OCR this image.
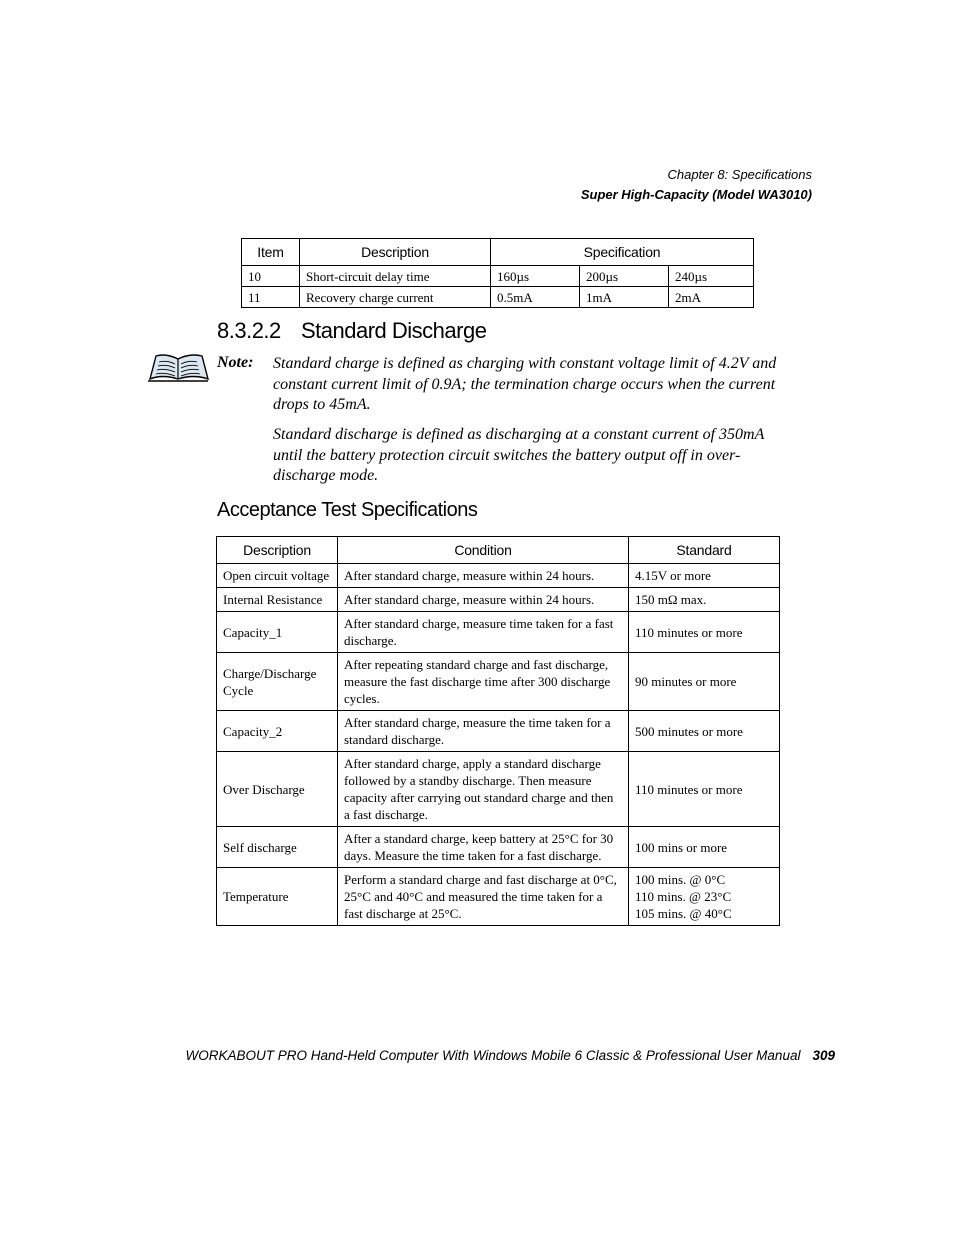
Chapter 8: Specifications
Super High-Capacity (Model WA3010)
Item	Description	Specification		
10	Short-circuit delay time	160µs	200µs	240µs
11	Recovery charge current	0.5mA	1mA	2mA
8.3.2.2 Standard Discharge
Note: Standard charge is defined as charging with constant voltage limit of 4.2V and constant current limit of 0.9A; the termination charge occurs when the current drops to 45mA.

Standard discharge is defined as discharging at a constant current of 350mA until the battery protection circuit switches the battery output off in over-discharge mode.

Acceptance Test Specifications
Description	Condition	Standard
Open circuit voltage	After standard charge, measure within 24 hours.	4.15V or more
Internal Resistance	After standard charge, measure within 24 hours.	150 mΩ max.
Capacity_1	After standard charge, measure time taken for a fast discharge.	110 minutes or more
Charge/Discharge Cycle	After repeating standard charge and fast discharge, measure the fast discharge time after 300 discharge cycles.	90 minutes or more
Capacity_2	After standard charge, measure the time taken for a standard discharge.	500 minutes or more
Over Discharge	After standard charge, apply a standard discharge followed by a standby discharge. Then measure capacity after carrying out standard charge and then a fast discharge.	110 minutes or more
Self discharge	After a standard charge, keep battery at 25°C for 30 days. Measure the time taken for a fast discharge.	100 mins or more
Temperature	Perform a standard charge and fast discharge at 0°C, 25°C and 40°C and measured the time taken for a fast discharge at 25°C.	100 mins. @ 0°C
110 mins. @ 23°C
105 mins. @ 40°C
WORKABOUT PRO Hand-Held Computer With Windows Mobile 6 Classic & Professional User Manual 309
